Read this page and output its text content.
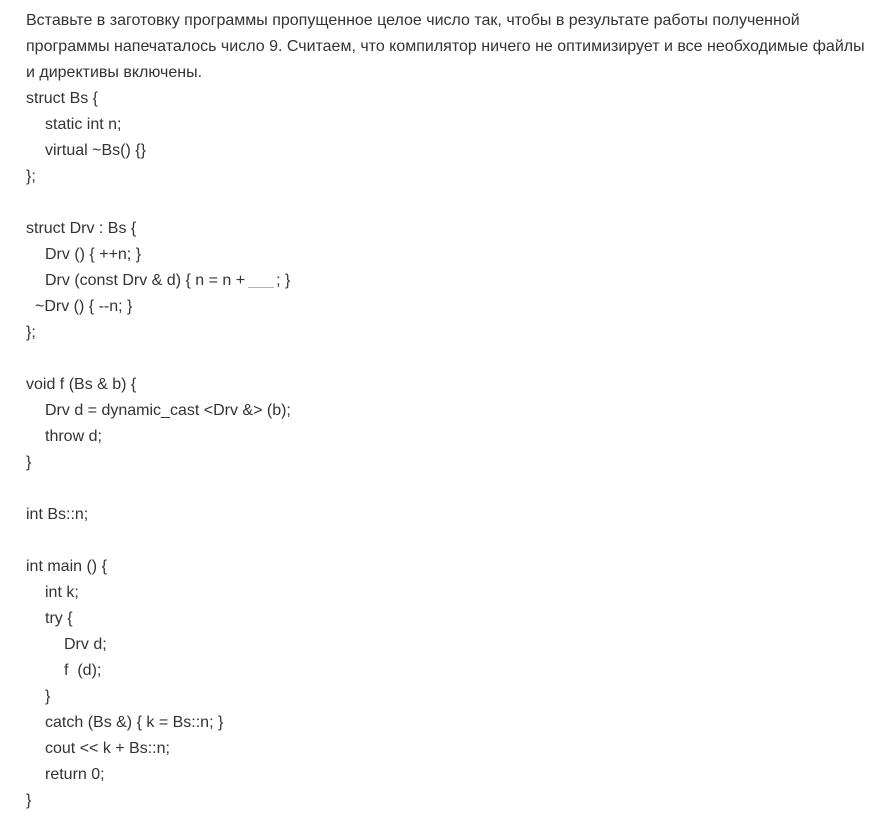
Вставьте в заготовку программы пропущенное целое число так, чтобы в результате работы полученной программы напечаталось число 9. Считаем, что компилятор ничего не оптимизирует и все необходимые файлы и директивы включены.

struct Bs {
static int n;
virtual ~Bs() {}
};
struct Drv : Bs {
Drv () { ++n; }
Drv (const Drv & d) { n = n + ; }
~Drv () { --n; }
};
void f (Bs & b) {
Drv d = dynamic_cast <Drv &> (b);
throw d;
}
int Bs::n;
int main () {
int k;
try {
Drv d;
f  (d);
}
catch (Bs &) { k = Bs::n; }
cout << k + Bs::n;
return 0;
}
